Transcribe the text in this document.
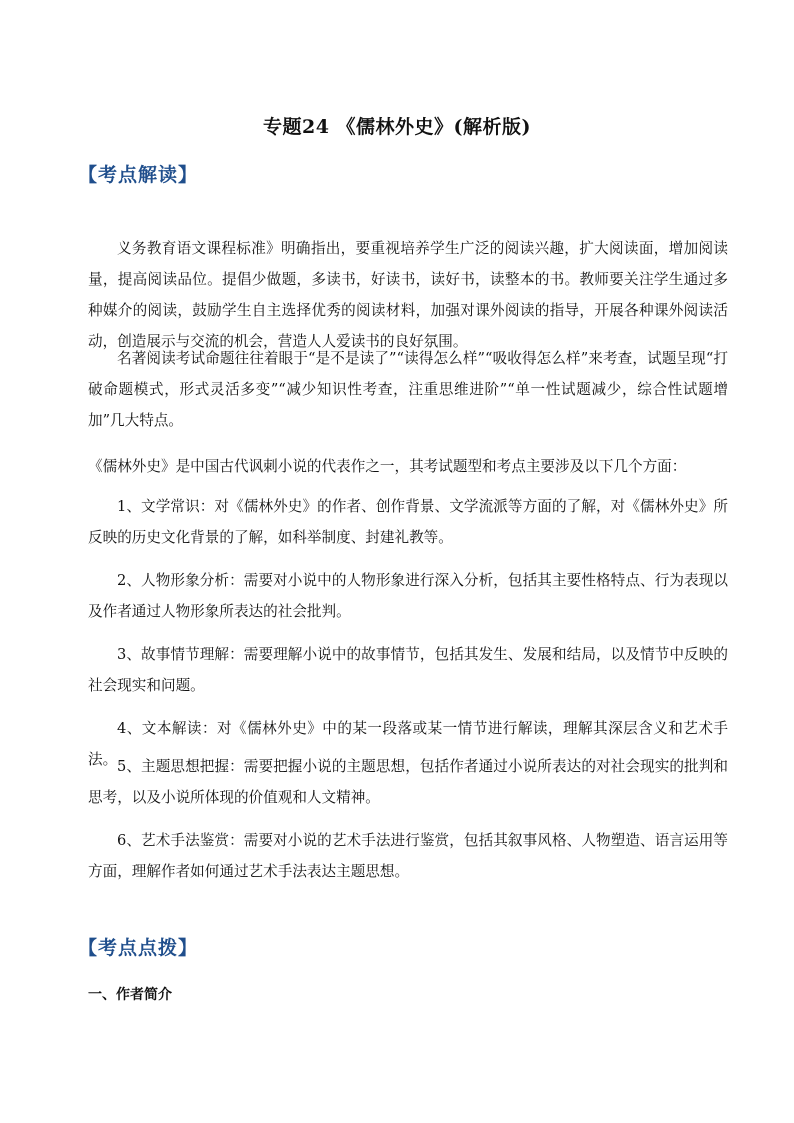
专题24 《儒林外史》(解析版)
【考点解读】

义务教育语文课程标准》明确指出，要重视培养学生广泛的阅读兴趣，扩大阅读面，增加阅读量，提高阅读品位。提倡少做题，多读书，好读书，读好书，读整本的书。教师要关注学生通过多种媒介的阅读，鼓励学生自主选择优秀的阅读材料，加强对课外阅读的指导，开展各种课外阅读活动，创造展示与交流的机会，营造人人爱读书的良好氛围。

名著阅读考试命题往往着眼于“是不是读了”“读得怎么样”“吸收得怎么样”来考查，试题呈现“打破命题模式，形式灵活多变”“减少知识性考查，注重思维进阶”“单一性试题减少，综合性试题增加”几大特点。

《儒林外史》是中国古代讽刺小说的代表作之一，其考试题型和考点主要涉及以下几个方面：

1、文学常识：对《儒林外史》的作者、创作背景、文学流派等方面的了解，对《儒林外史》所反映的历史文化背景的了解，如科举制度、封建礼教等。

2、人物形象分析：需要对小说中的人物形象进行深入分析，包括其主要性格特点、行为表现以及作者通过人物形象所表达的社会批判。

3、故事情节理解：需要理解小说中的故事情节，包括其发生、发展和结局，以及情节中反映的社会现实和问题。

4、文本解读：对《儒林外史》中的某一段落或某一情节进行解读，理解其深层含义和艺术手法。 5、主题思想把握：需要把握小说的主题思想，包括作者通过小说所表达的对社会现实的批判和思考，以及小说所体现的价值观和人文精神。

6、艺术手法鉴赏：需要对小说的艺术手法进行鉴赏，包括其叙事风格、人物塑造、语言运用等方面，理解作者如何通过艺术手法表达主题思想。

【考点点拨】
一、作者简介
